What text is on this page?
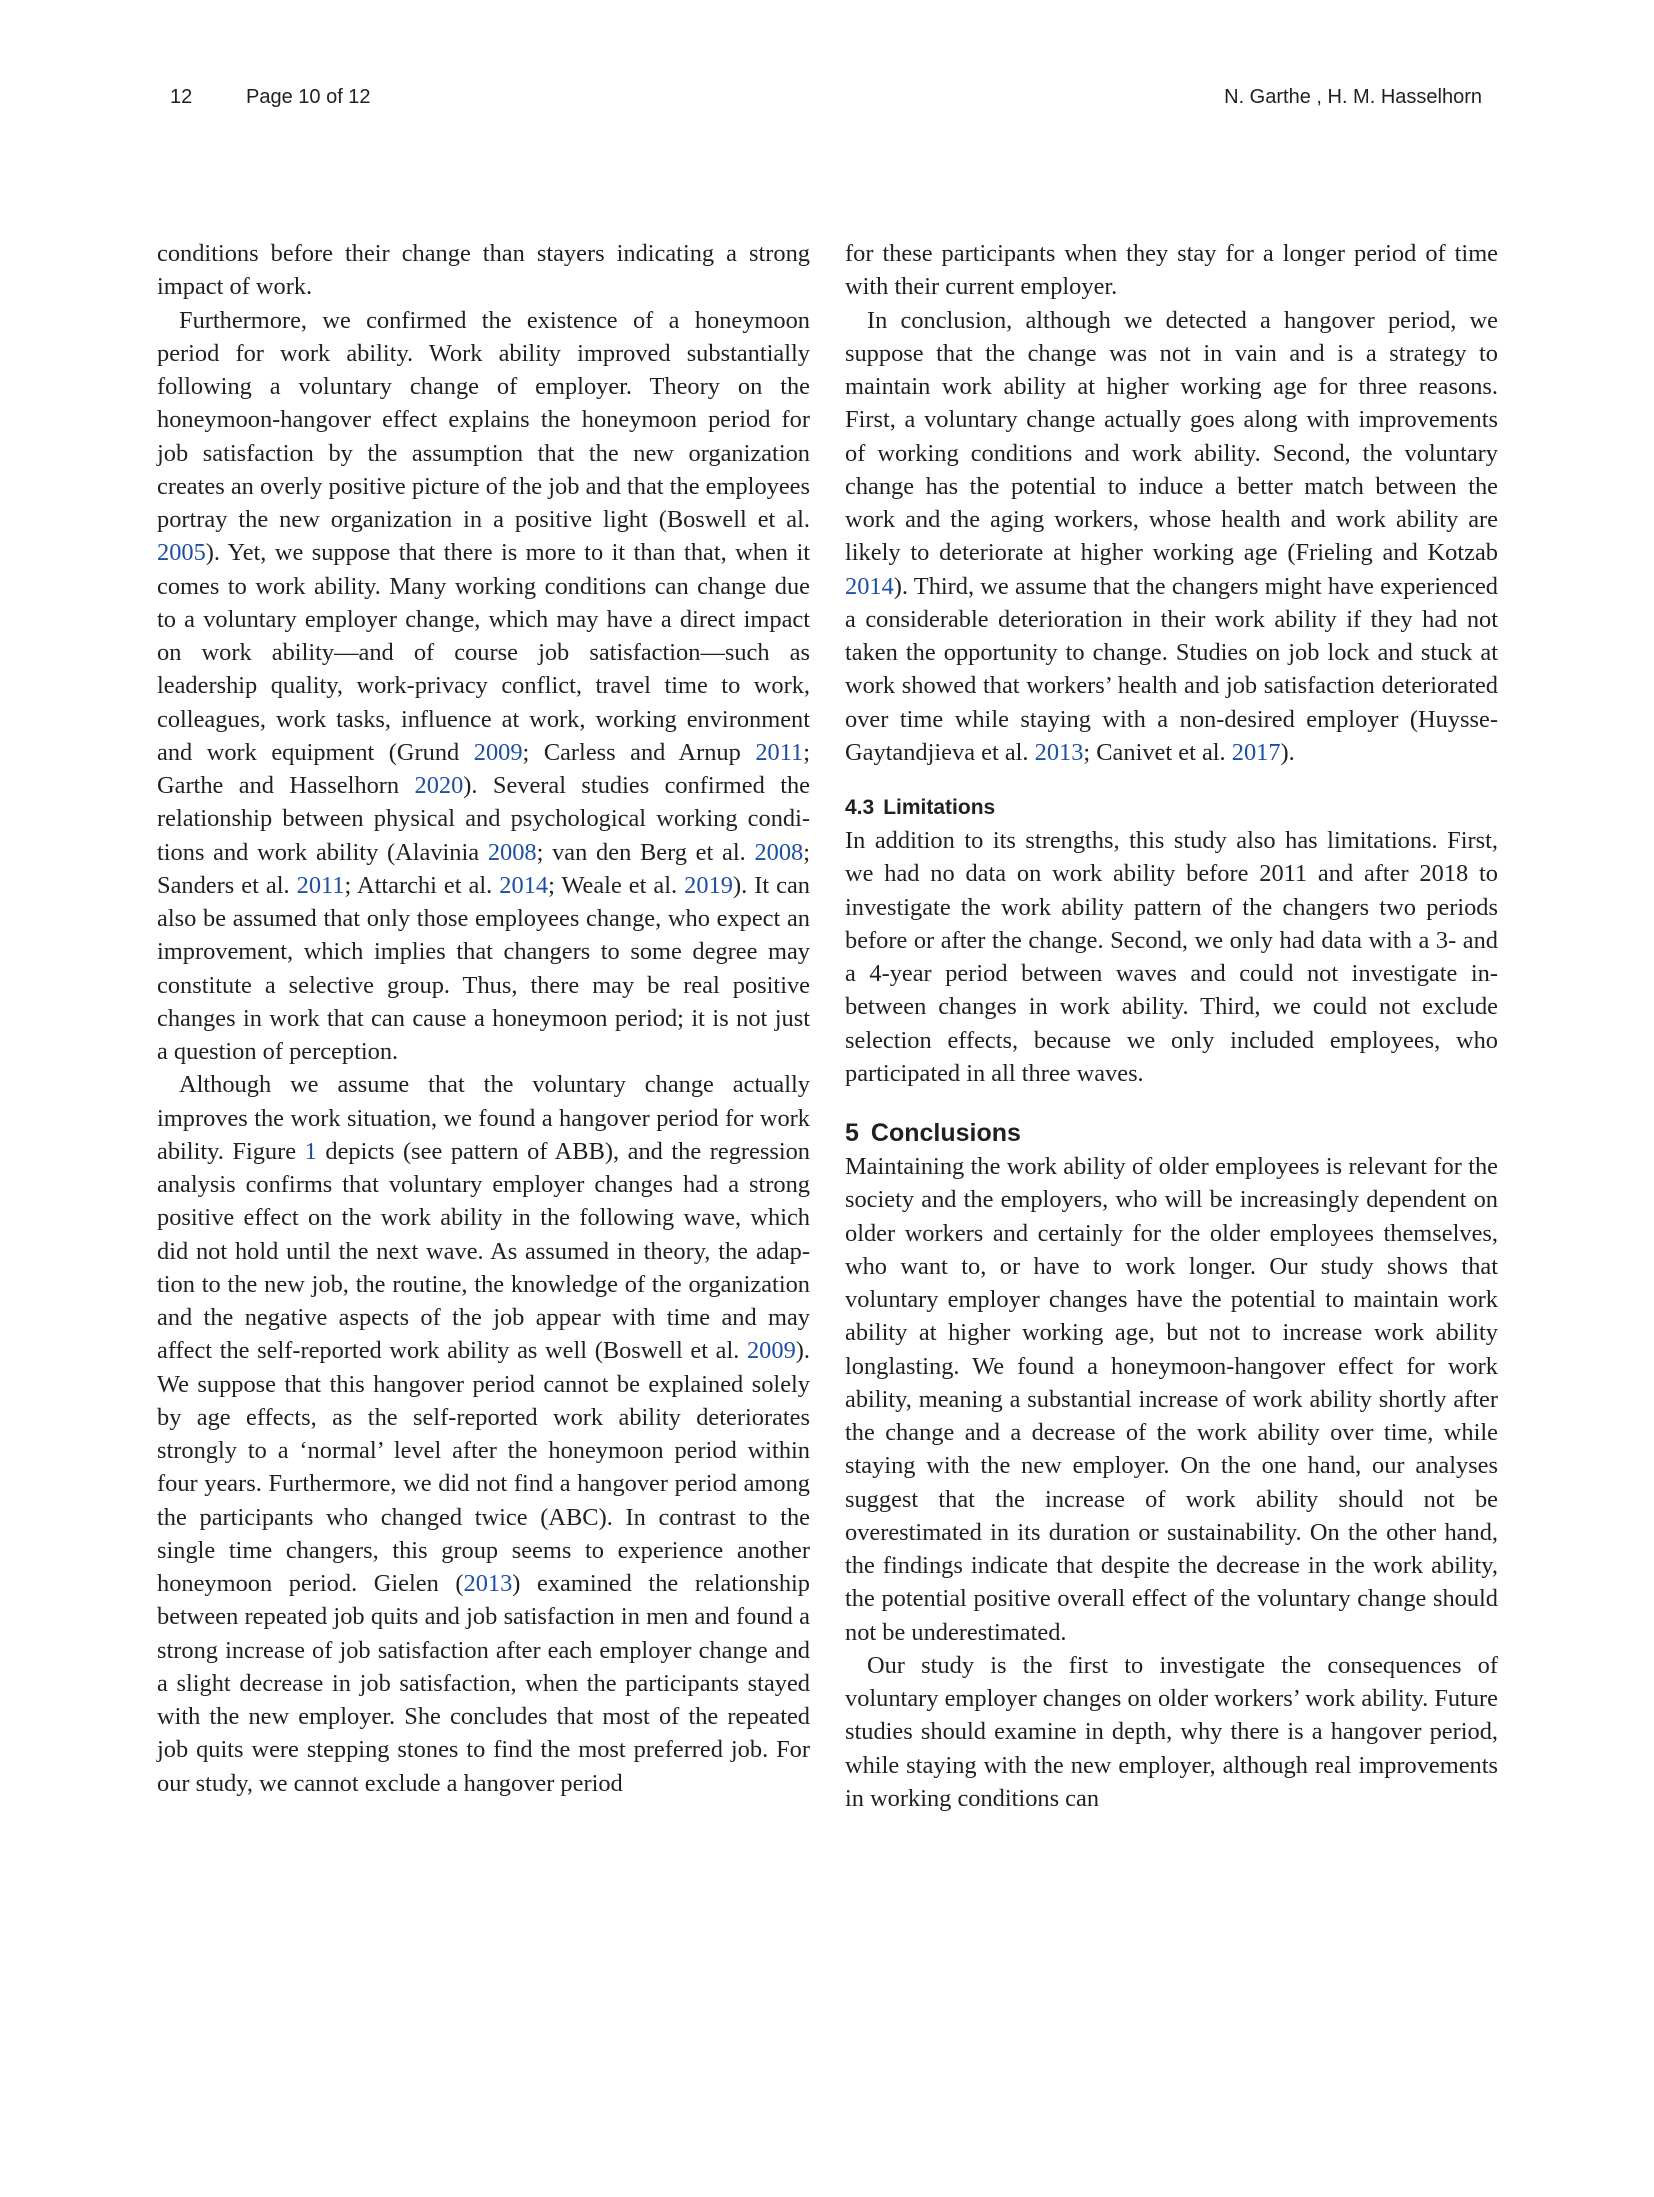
12	Page 10 of 12	N. Garthe , H. M. Hasselhorn

conditions before their change than stayers indicating a strong impact of work.

Furthermore, we confirmed the existence of a honeymoon period for work ability. Work ability improved substantially following a voluntary change of employer. Theory on the honeymoon-hangover effect explains the honeymoon period for job satisfaction by the assumption that the new organization creates an overly positive picture of the job and that the employees portray the new organization in a positive light (Boswell et al. 2005). Yet, we suppose that there is more to it than that, when it comes to work ability. Many working conditions can change due to a voluntary employer change, which may have a direct impact on work ability—and of course job satisfaction—such as leadership quality, work-privacy conflict, travel time to work, colleagues, work tasks, influence at work, working environment and work equipment (Grund 2009; Carless and Arnup 2011; Garthe and Hasselhorn 2020). Several studies confirmed the relationship between physical and psychological working conditions and work ability (Alavinia 2008; van den Berg et al. 2008; Sanders et al. 2011; Attarchi et al. 2014; Weale et al. 2019). It can also be assumed that only those employees change, who expect an improvement, which implies that changers to some degree may constitute a selective group. Thus, there may be real positive changes in work that can cause a honeymoon period; it is not just a question of perception.

Although we assume that the voluntary change actually improves the work situation, we found a hangover period for work ability. Figure 1 depicts (see pattern of ABB), and the regression analysis confirms that voluntary employer changes had a strong positive effect on the work ability in the following wave, which did not hold until the next wave. As assumed in theory, the adaption to the new job, the routine, the knowledge of the organization and the negative aspects of the job appear with time and may affect the self-reported work ability as well (Boswell et al. 2009). We suppose that this hangover period cannot be explained solely by age effects, as the self-reported work ability deteriorates strongly to a ‘normal’ level after the honeymoon period within four years. Furthermore, we did not find a hangover period among the participants who changed twice (ABC). In contrast to the single time changers, this group seems to experience another honeymoon period. Gielen (2013) examined the relationship between repeated job quits and job satisfaction in men and found a strong increase of job satisfaction after each employer change and a slight decrease in job satisfaction, when the participants stayed with the new employer. She concludes that most of the repeated job quits were stepping stones to find the most preferred job. For our study, we cannot exclude a hangover period

for these participants when they stay for a longer period of time with their current employer.

In conclusion, although we detected a hangover period, we suppose that the change was not in vain and is a strategy to maintain work ability at higher working age for three reasons. First, a voluntary change actually goes along with improvements of working conditions and work ability. Second, the voluntary change has the potential to induce a better match between the work and the aging workers, whose health and work ability are likely to deteriorate at higher working age (Frieling and Kotzab 2014). Third, we assume that the changers might have experienced a considerable deterioration in their work ability if they had not taken the opportunity to change. Studies on job lock and stuck at work showed that workers’ health and job satisfaction deteriorated over time while staying with a non-desired employer (Huysse-Gaytandjieva et al. 2013; Canivet et al. 2017).

4.3 Limitations

In addition to its strengths, this study also has limitations. First, we had no data on work ability before 2011 and after 2018 to investigate the work ability pattern of the changers two periods before or after the change. Second, we only had data with a 3- and a 4-year period between waves and could not investigate in-between changes in work ability. Third, we could not exclude selection effects, because we only included employees, who participated in all three waves.

5 Conclusions

Maintaining the work ability of older employees is relevant for the society and the employers, who will be increasingly dependent on older workers and certainly for the older employees themselves, who want to, or have to work longer. Our study shows that voluntary employer changes have the potential to maintain work ability at higher working age, but not to increase work ability longlasting. We found a honeymoon-hangover effect for work ability, meaning a substantial increase of work ability shortly after the change and a decrease of the work ability over time, while staying with the new employer. On the one hand, our analyses suggest that the increase of work ability should not be overestimated in its duration or sustainability. On the other hand, the findings indicate that despite the decrease in the work ability, the potential positive overall effect of the voluntary change should not be underestimated.

Our study is the first to investigate the consequences of voluntary employer changes on older workers’ work ability. Future studies should examine in depth, why there is a hangover period, while staying with the new employer, although real improvements in working conditions can
